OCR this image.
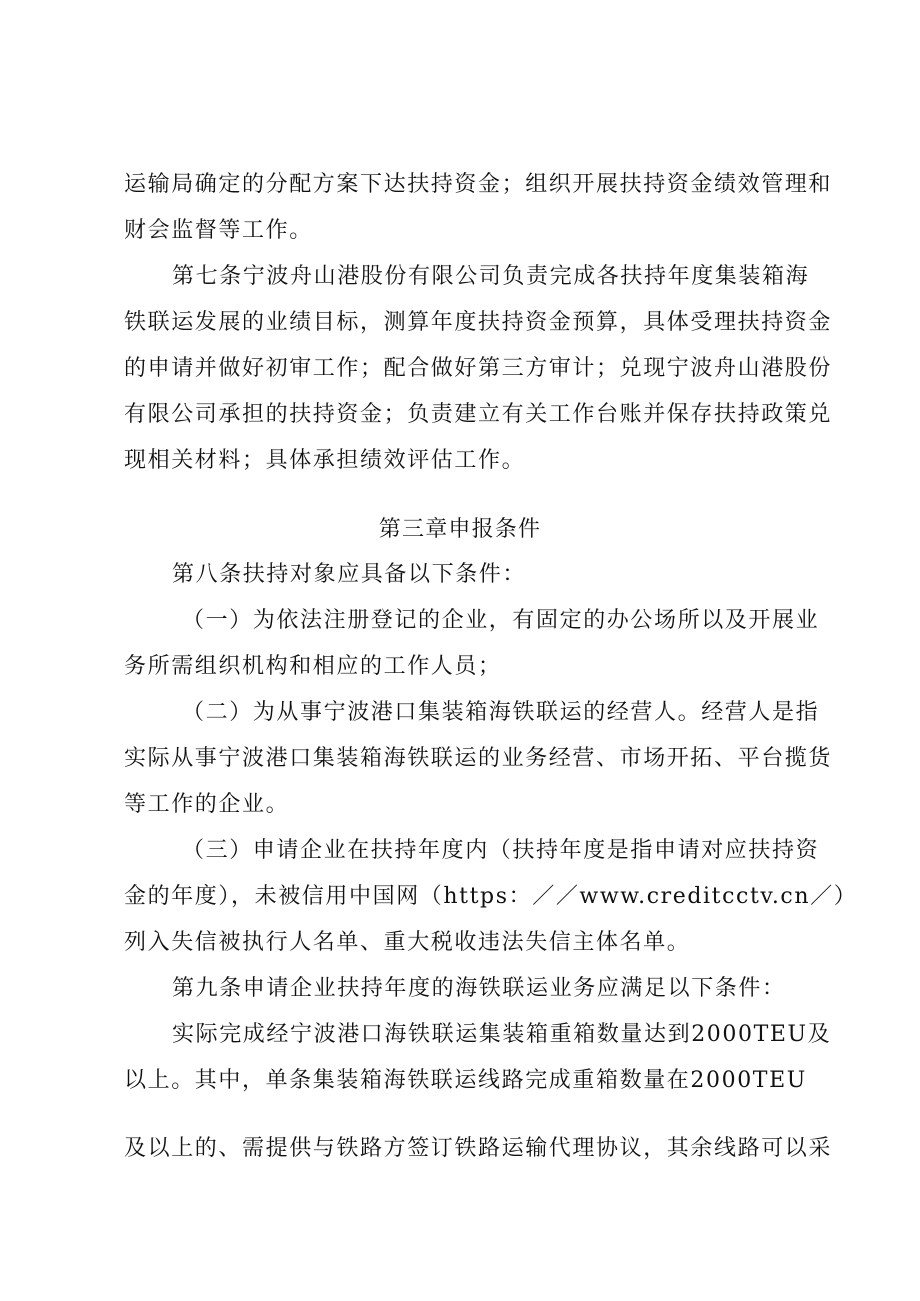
运输局确定的分配方案下达扶持资金；组织开展扶持资金绩效管理和
财会监督等工作。
第七条宁波舟山港股份有限公司负责完成各扶持年度集装箱海
铁联运发展的业绩目标，测算年度扶持资金预算，具体受理扶持资金
的申请并做好初审工作；配合做好第三方审计；兑现宁波舟山港股份
有限公司承担的扶持资金；负责建立有关工作台账并保存扶持政策兑
现相关材料；具体承担绩效评估工作。
第三章申报条件
第八条扶持对象应具备以下条件：
（一）为依法注册登记的企业，有固定的办公场所以及开展业
务所需组织机构和相应的工作人员；
（二）为从事宁波港口集装箱海铁联运的经营人。经营人是指
实际从事宁波港口集装箱海铁联运的业务经营、市场开拓、平台揽货
等工作的企业。
（三）申请企业在扶持年度内（扶持年度是指申请对应扶持资
金的年度），未被信用中国网（https：／／www.creditcctv.cn／）
列入失信被执行人名单、重大税收违法失信主体名单。
第九条申请企业扶持年度的海铁联运业务应满足以下条件：
实际完成经宁波港口海铁联运集装箱重箱数量达到2000TEU及
以上。其中，单条集装箱海铁联运线路完成重箱数量在2000TEU
及以上的、需提供与铁路方签订铁路运输代理协议，其余线路可以采
